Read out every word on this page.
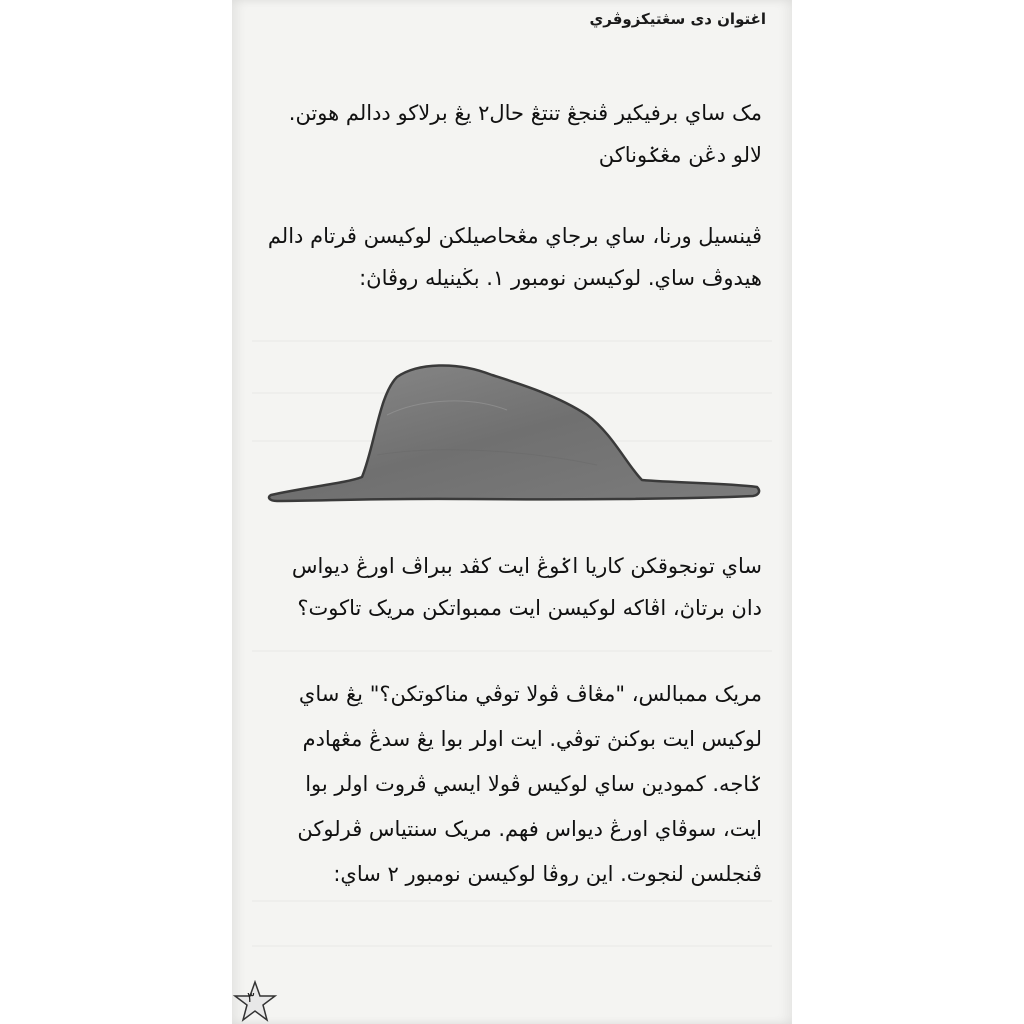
اغتوان دى سڠتيکزوڤري
مک ساي برفيکير ڤنجڠ تنتڠ حال٢ يڠ برلاکو ددالم هوتن. لالو دڠن مڠݢوناکن
ڤينسيل ورنا، ساي برجاي مڠحاصيلکن لوکيسن ڤرتام دالم هيدوڤ ساي. لوکيسن نومبور ١. بڬينيله روڤاڽ:
ساي تونجوقکن کاريا اݢوڠ ايت کڤد ببراڤ اورڠ ديواس دان برتاڽ، اڤاکه لوکيسن ايت ممبواتکن مريک تاکوت؟
مريک ممبالس، "مڠاڤ ڤولا توڤي مناکوتکن؟" يڠ ساي لوکيس ايت بوکنڽ توڤي. ايت اولر بوا يڠ سدڠ مڠهادم ݢاجه. کمودين ساي لوکيس ڤولا ايسي ڤروت اولر بوا ايت، سوڤاي اورڠ ديواس فهم. مريک سنتياس ڤرلوکن ڤنجلسن لنجوت. اين روڤا لوکيسن نومبور ٢ ساي:
٣
